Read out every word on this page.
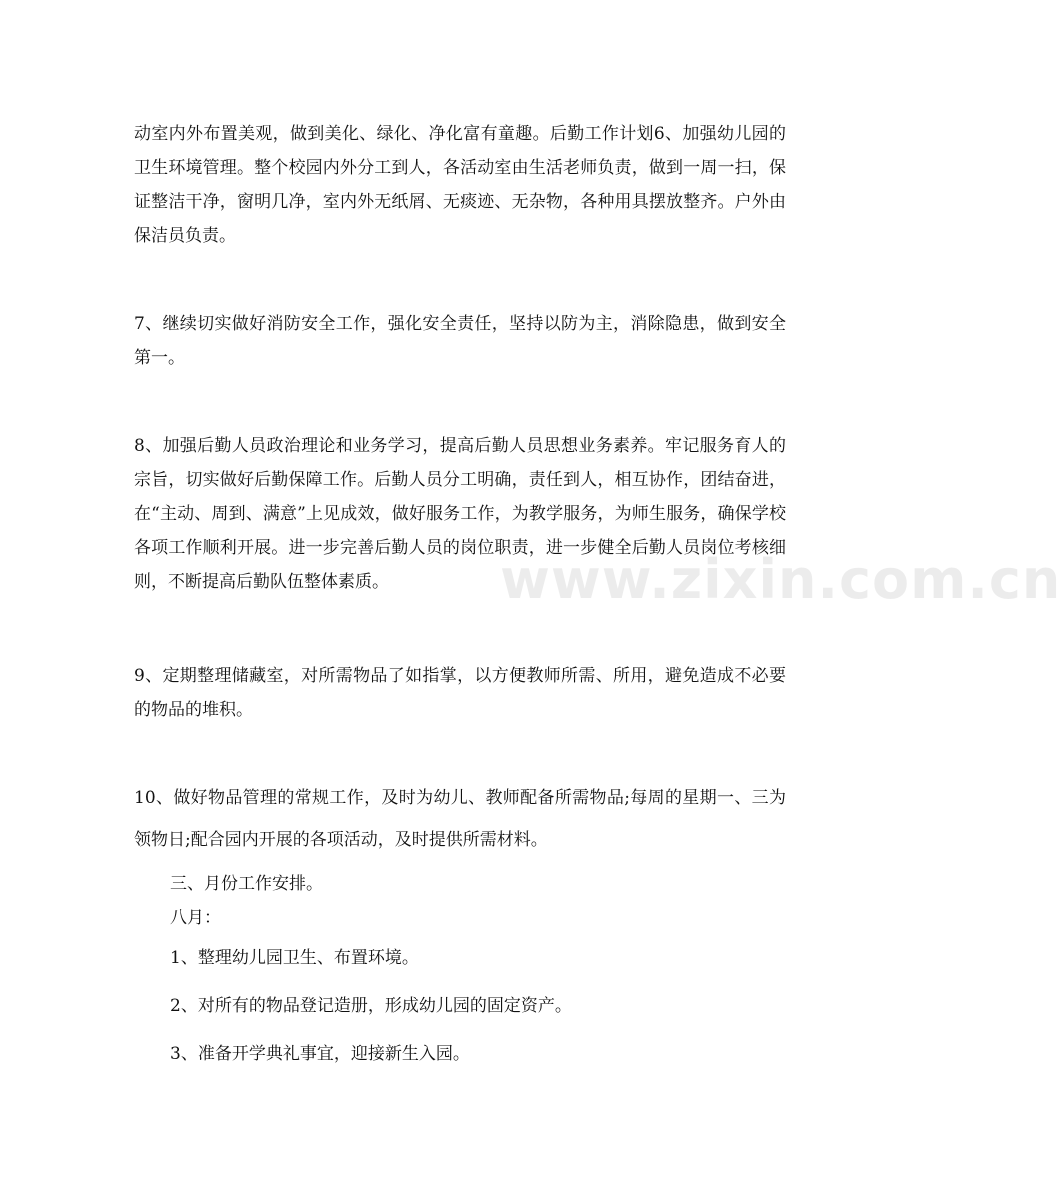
动室内外布置美观，做到美化、绿化、净化富有童趣。后勤工作计划6、加强幼儿园的卫生环境管理。整个校园内外分工到人，各活动室由生活老师负责，做到一周一扫，保证整洁干净，窗明几净，室内外无纸屑、无痰迹、无杂物，各种用具摆放整齐。户外由保洁员负责。

7、继续切实做好消防安全工作，强化安全责任，坚持以防为主，消除隐患，做到安全第一。

8、加强后勤人员政治理论和业务学习，提高后勤人员思想业务素养。牢记服务育人的宗旨，切实做好后勤保障工作。后勤人员分工明确，责任到人，相互协作，团结奋进，在“主动、周到、满意”上见成效，做好服务工作，为教学服务，为师生服务，确保学校各项工作顺利开展。进一步完善后勤人员的岗位职责，进一步健全后勤人员岗位考核细则，不断提高后勤队伍整体素质。

9、定期整理储藏室，对所需物品了如指掌，以方便教师所需、所用，避免造成不必要的物品的堆积。

10、做好物品管理的常规工作，及时为幼儿、教师配备所需物品;每周的星期一、三为领物日;配合园内开展的各项活动，及时提供所需材料。

三、月份工作安排。

八月：

1、整理幼儿园卫生、布置环境。

2、对所有的物品登记造册，形成幼儿园的固定资产。

3、准备开学典礼事宜，迎接新生入园。

www.zixin.com.cn
